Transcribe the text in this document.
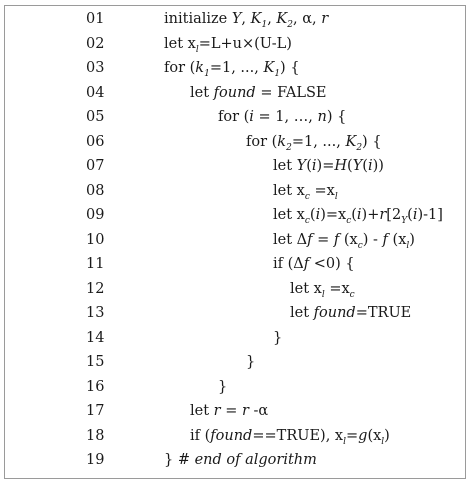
01	initialize Y, $K_1$, $K_2$, α, r
02	let $x_l=L+u\times(U-L)$
03	for ($k_1=1$, ..., $K_1$) {
04	let found = FALSE
05	for (i = 1, …, n) {
06	for ($k_2=1$, ..., $K_2$) {
07	let Y(i)=H(Y(i))
08	let $x_c =x_l$
09	let $x_c(i)=x_c(i)+r[2_Y(i)-1]$
10	let Δf = f $(x_c)$ - f $(x_l)$
11	if (Δf <0) {
12	let $x_l =x_c$
13	let found=TRUE
14	}
15	}
16	}
17	let r = r -α
18	if (found==TRUE), $x_l=g(x_l)$
19	} # end of algorithm
